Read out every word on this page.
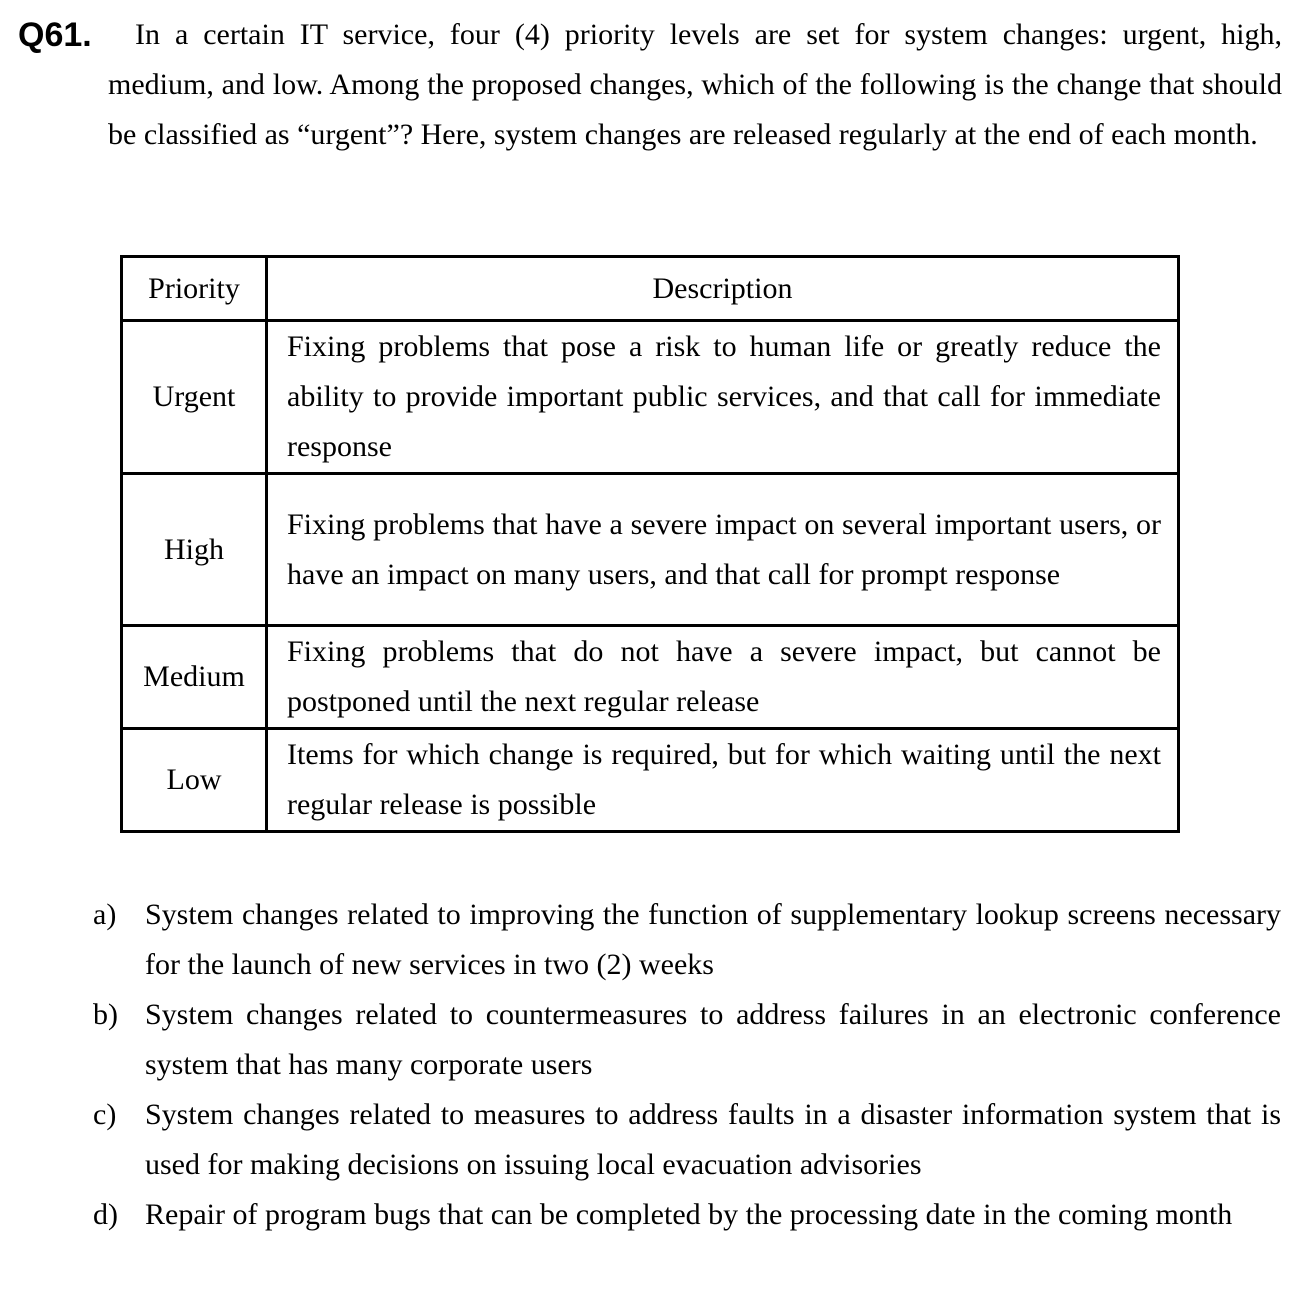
Q61.	In a certain IT service, four (4) priority levels are set for system changes: urgent, high, medium, and low. Among the proposed changes, which of the following is the change that should be classified as “urgent”? Here, system changes are released regularly at the end of each month.

Priority	Description
Urgent	Fixing problems that pose a risk to human life or greatly reduce the ability to provide important public services, and that call for immediate response
High	Fixing problems that have a severe impact on several important users, or have an impact on many users, and that call for prompt response
Medium	Fixing problems that do not have a severe impact, but cannot be postponed until the next regular release
Low	Items for which change is required, but for which waiting until the next regular release is possible
a) System changes related to improving the function of supplementary lookup screens necessary for the launch of new services in two (2) weeks
b) System changes related to countermeasures to address failures in an electronic conference system that has many corporate users
c) System changes related to measures to address faults in a disaster information system that is used for making decisions on issuing local evacuation advisories
d) Repair of program bugs that can be completed by the processing date in the coming month
